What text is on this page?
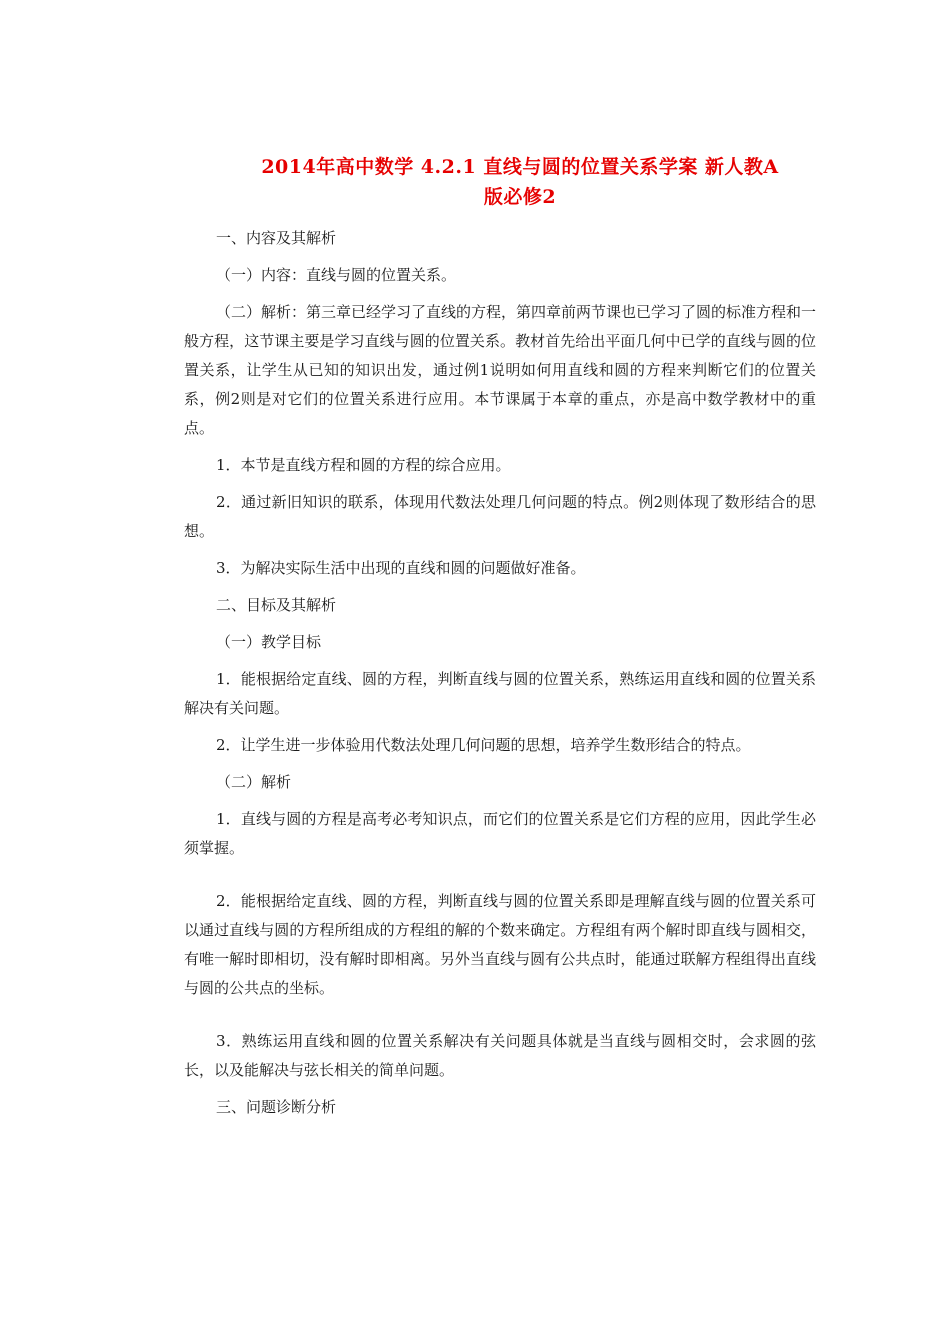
2014年高中数学 4.2.1 直线与圆的位置关系学案 新人教A
版必修2

一、内容及其解析

（一）内容：直线与圆的位置关系。

（二）解析：第三章已经学习了直线的方程，第四章前两节课也已学习了圆的标准方程和一般方程，这节课主要是学习直线与圆的位置关系。教材首先给出平面几何中已学的直线与圆的位置关系，让学生从已知的知识出发，通过例1说明如何用直线和圆的方程来判断它们的位置关系，例2则是对它们的位置关系进行应用。本节课属于本章的重点，亦是高中数学教材中的重点。

1．本节是直线方程和圆的方程的综合应用。

2．通过新旧知识的联系，体现用代数法处理几何问题的特点。例2则体现了数形结合的思想。

3．为解决实际生活中出现的直线和圆的问题做好准备。

二、目标及其解析

（一）教学目标

1．能根据给定直线、圆的方程，判断直线与圆的位置关系，熟练运用直线和圆的位置关系解决有关问题。

2．让学生进一步体验用代数法处理几何问题的思想，培养学生数形结合的特点。

（二）解析

1．直线与圆的方程是高考必考知识点，而它们的位置关系是它们方程的应用，因此学生必须掌握。

2．能根据给定直线、圆的方程，判断直线与圆的位置关系即是理解直线与圆的位置关系可以通过直线与圆的方程所组成的方程组的解的个数来确定。方程组有两个解时即直线与圆相交，有唯一解时即相切，没有解时即相离。另外当直线与圆有公共点时，能通过联解方程组得出直线与圆的公共点的坐标。

3．熟练运用直线和圆的位置关系解决有关问题具体就是当直线与圆相交时，会求圆的弦长，以及能解决与弦长相关的简单问题。

三、问题诊断分析
